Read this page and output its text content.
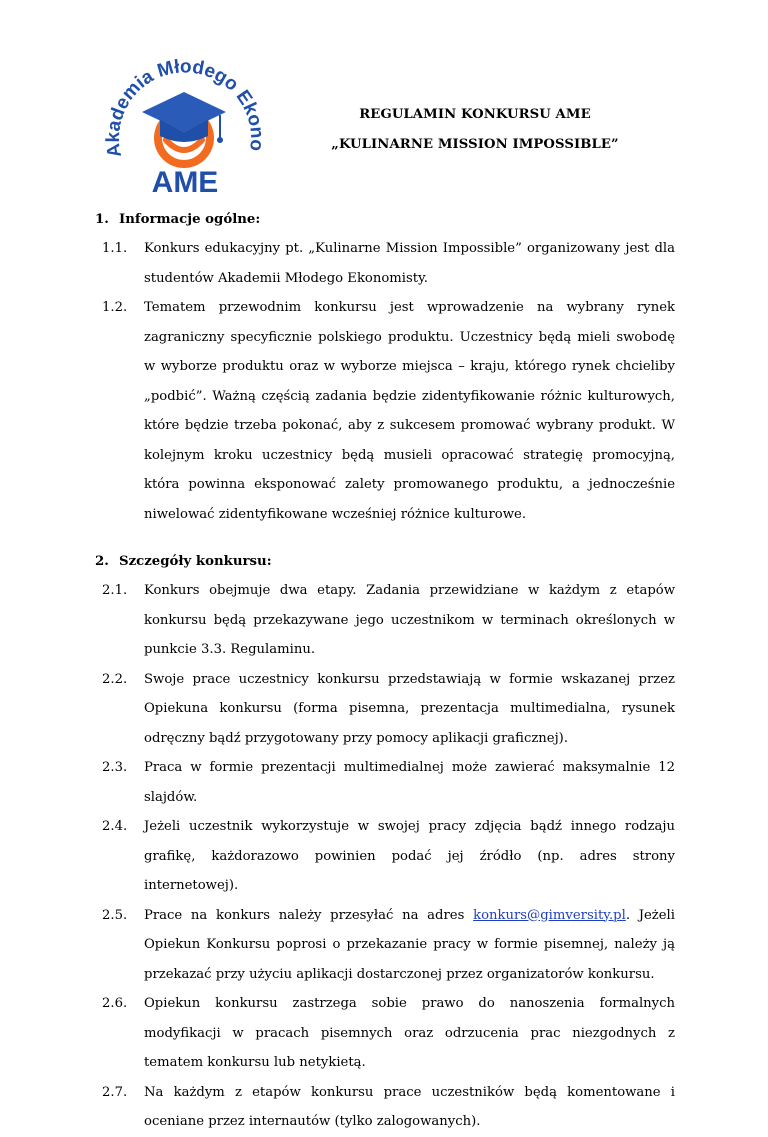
Akademia Młodego Ekono
AME
REGULAMIN KONKURSU AME
„KULINARNE MISSION IMPOSSIBLE”
1. Informacje ogólne:
1.1.	Konkurs edukacyjny pt. „Kulinarne Mission Impossible” organizowany jest dla studentów Akademii Młodego Ekonomisty.
1.2.	Tematem przewodnim konkursu jest wprowadzenie na wybrany rynek zagraniczny specyficznie polskiego produktu. Uczestnicy będą mieli swobodę w wyborze produktu oraz w wyborze miejsca – kraju, którego rynek chcieliby „podbić”. Ważną częścią zadania będzie zidentyfikowanie różnic kulturowych, które będzie trzeba pokonać, aby z sukcesem promować wybrany produkt. W kolejnym kroku uczestnicy będą musieli opracować strategię promocyjną, która powinna eksponować zalety promowanego produktu, a jednocześnie niwelować zidentyfikowane wcześniej różnice kulturowe.
2. Szczegóły konkursu:
2.1.	Konkurs obejmuje dwa etapy. Zadania przewidziane w każdym z etapów konkursu będą przekazywane jego uczestnikom w terminach określonych w punkcie 3.3. Regulaminu.
2.2.	Swoje prace uczestnicy konkursu przedstawiają w formie wskazanej przez Opiekuna konkursu (forma pisemna, prezentacja multimedialna, rysunek odręczny bądź przygotowany przy pomocy aplikacji graficznej).
2.3.	Praca w formie prezentacji multimedialnej może zawierać maksymalnie 12 slajdów.
2.4.	Jeżeli uczestnik wykorzystuje w swojej pracy zdjęcia bądź innego rodzaju grafikę, każdorazowo powinien podać jej źródło (np. adres strony internetowej).
2.5.	Prace na konkurs należy przesyłać na adres konkurs@gimversity.pl. Jeżeli Opiekun Konkursu poprosi o przekazanie pracy w formie pisemnej, należy ją przekazać przy użyciu aplikacji dostarczonej przez organizatorów konkursu.
2.6.	Opiekun konkursu zastrzega sobie prawo do nanoszenia formalnych modyfikacji w pracach pisemnych oraz odrzucenia prac niezgodnych z tematem konkursu lub netykietą.
2.7.	Na każdym z etapów konkursu prace uczestników będą komentowane i oceniane przez internautów (tylko zalogowanych).
